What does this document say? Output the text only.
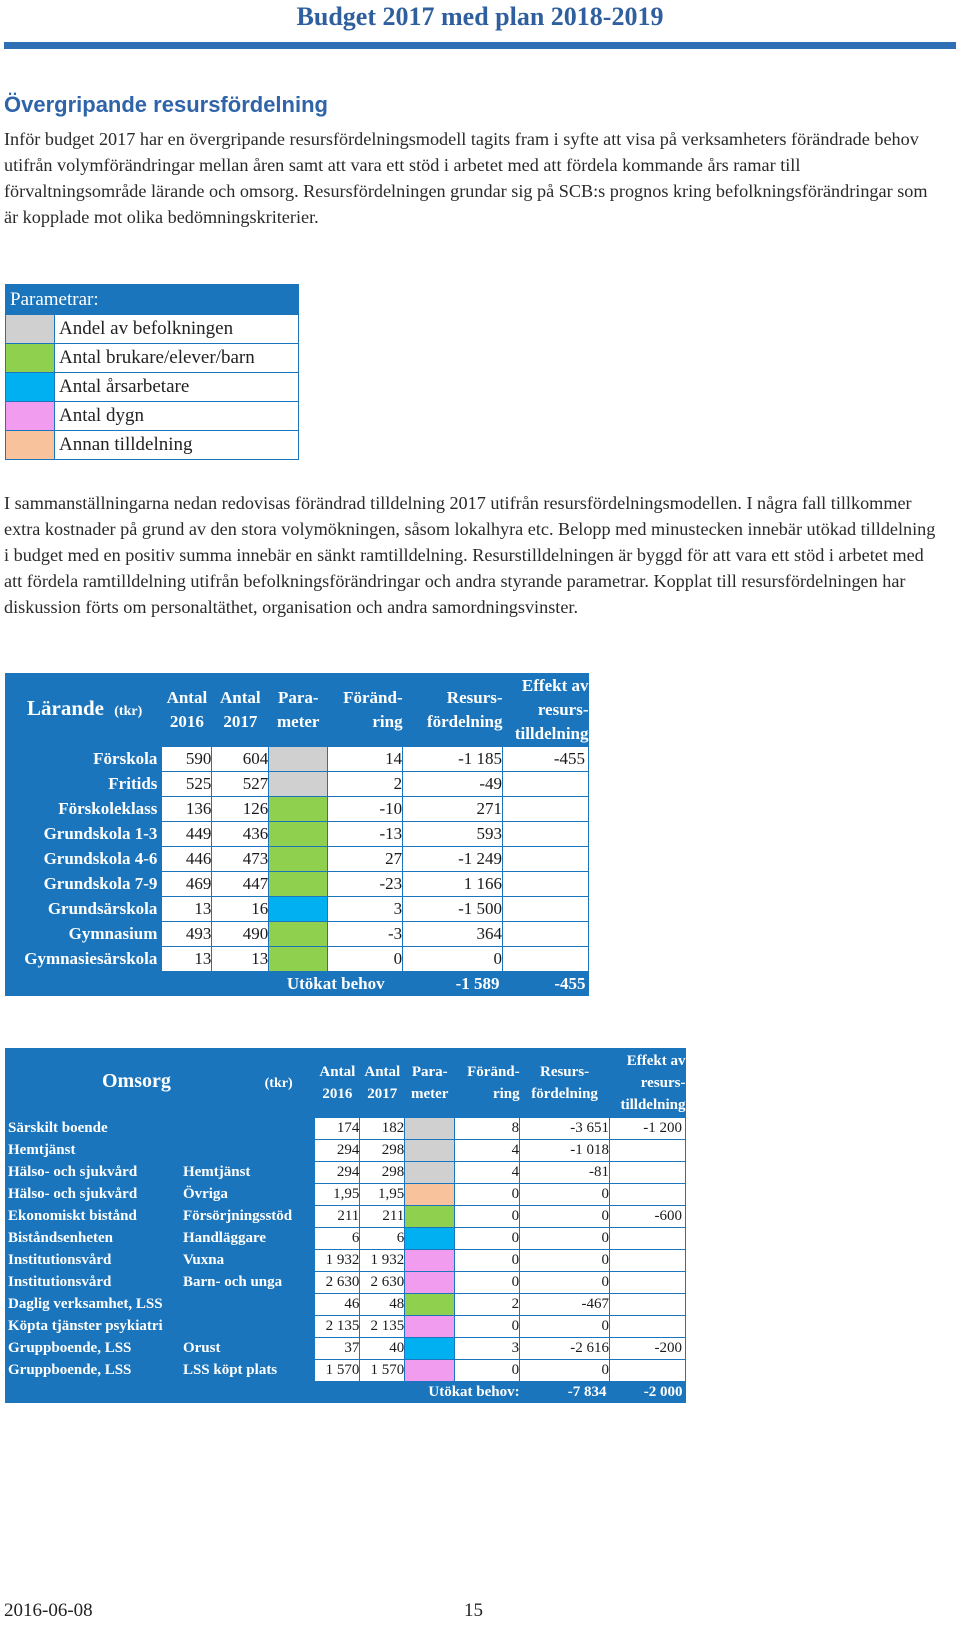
Budget 2017 med plan 2018-2019
Övergripande resursfördelning

Inför budget 2017 har en övergripande resursfördelningsmodell tagits fram i syfte att visa på verksamheters förändrade behov utifrån volymförändringar mellan åren samt att vara ett stöd i arbetet med att fördela kommande års ramar till förvaltningsområde lärande och omsorg. Resursfördelningen grundar sig på SCB:s prognos kring befolkningsförändringar som är kopplade mot olika bedömningskriterier.

Parametrar:	
	Andel av befolkningen
	Antal brukare/elever/barn
	Antal årsarbetare
	Antal dygn
	Annan tilldelning

I sammanställningarna nedan redovisas förändrad tilldelning 2017 utifrån resursfördelningsmodellen. I några fall tillkommer extra kostnader på grund av den stora volymökningen, såsom lokalhyra etc. Belopp med minustecken innebär utökad tilldelning i budget med en positiv summa innebär en sänkt ramtilldelning. Resurstilldelningen är byggd för att vara ett stöd i arbetet med att fördela ramtilldelning utifrån befolkningsförändringar och andra styrande parametrar. Kopplat till resursfördelningen har diskussion förts om personaltäthet, organisation och andra samordningsvinster.

Lärande (tkr)	Antal 2016	Antal 2017	Para- meter	Föränd- ring	Resurs- fördelning	Effekt av resurs- tilldelning
Förskola	590	604		14	-1 185	-455
Fritids	525	527		2	-49	
Förskoleklass	136	126		-10	271	
Grundskola 1-3	449	436		-13	593	
Grundskola 4-6	446	473		27	-1 249	
Grundskola 7-9	469	447		-23	1 166	
Grundsärskola	13	16		3	-1 500	
Gymnasium	493	490		-3	364	
Gymnasiesärskola	13	13		0	0	
			Utökat behov		-1 589	-455
Omsorg (tkr)		Antal 2016	Antal 2017	Para- meter	Föränd- ring	Resurs- fördelning	Effekt av resurs- tilldelning
Särskilt boende		174	182		8	-3 651	-1 200
Hemtjänst		294	298		4	-1 018	
Hälso- och sjukvård	Hemtjänst	294	298		4	-81	
Hälso- och sjukvård	Övriga	1,95	1,95		0	0	
Ekonomiskt bistånd	Försörjningsstöd	211	211		0	0	-600
Biståndsenheten	Handläggare	6	6		0	0	
Institutionsvård	Vuxna	1 932	1 932		0	0	
Institutionsvård	Barn- och unga	2 630	2 630		0	0	
Daglig verksamhet, LSS		46	48		2	-467	
Köpta tjänster psykiatri		2 135	2 135		0	0	
Gruppboende, LSS	Orust	37	40		3	-2 616	-200
Gruppboende, LSS	LSS köpt plats	1 570	1 570		0	0	
				Utökat behov:		-7 834	-2 000
2016-06-08	15
